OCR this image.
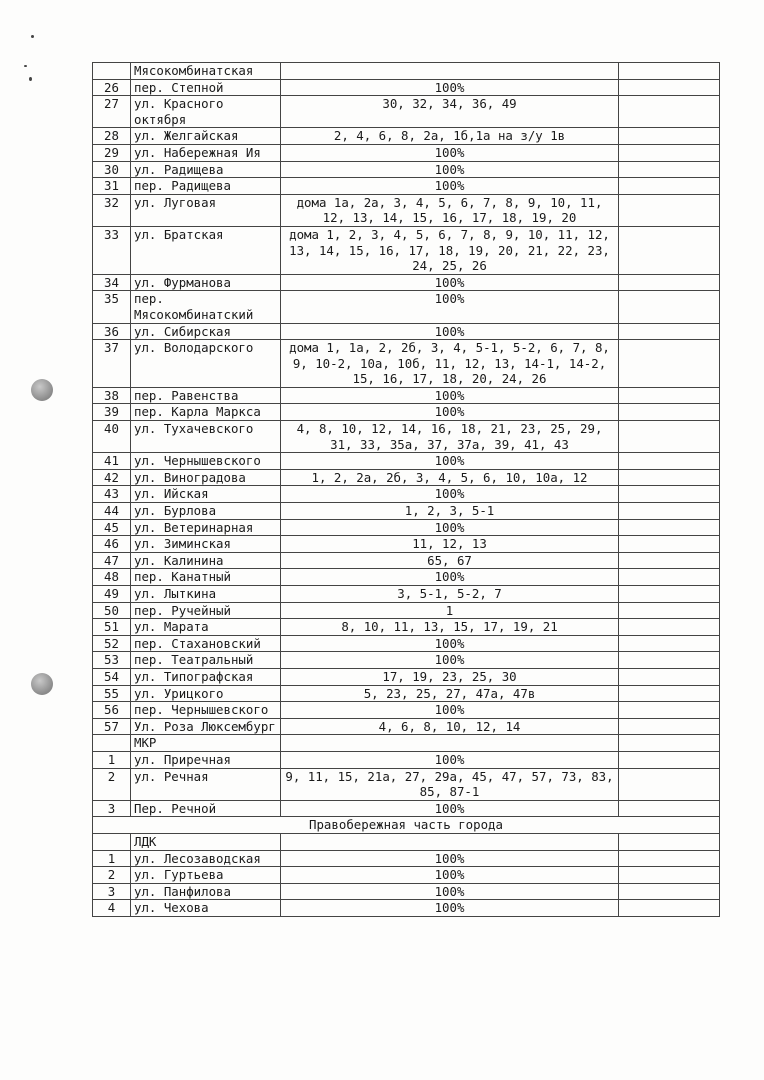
	Мясокомбинатская		
26	пер. Степной	100%	
27	ул. Красного октября	30, 32, 34, 36, 49	
28	ул. Желгайская	2, 4, 6, 8, 2а, 1б,1а на з/у 1в	
29	ул. Набережная Ия	100%	
30	ул. Радищева	100%	
31	пер. Радищева	100%	
32	ул. Луговая	дома 1а, 2а, 3, 4, 5, 6, 7, 8, 9, 10, 11, 12, 13, 14, 15, 16, 17, 18, 19, 20	
33	ул. Братская	дома 1, 2, 3, 4, 5, 6, 7, 8, 9, 10, 11, 12, 13, 14, 15, 16, 17, 18, 19, 20, 21, 22, 23, 24, 25, 26	
34	ул. Фурманова	100%	
35	пер. Мясокомбинатский	100%	
36	ул. Сибирская	100%	
37	ул. Володарского	дома 1, 1а, 2, 2б, 3, 4, 5-1, 5-2, 6, 7, 8, 9, 10-2, 10а, 10б, 11, 12, 13, 14-1, 14-2, 15, 16, 17, 18, 20, 24, 26	
38	пер. Равенства	100%	
39	пер. Карла Маркса	100%	
40	ул. Тухачевского	4, 8, 10, 12, 14, 16, 18, 21, 23, 25, 29, 31, 33, 35а, 37, 37а, 39, 41, 43	
41	ул. Чернышевского	100%	
42	ул. Виноградова	1, 2, 2а, 2б, 3, 4, 5, 6, 10, 10а, 12	
43	ул. Ийская	100%	
44	ул. Бурлова	1, 2, 3, 5-1	
45	ул. Ветеринарная	100%	
46	ул. Зиминская	11, 12, 13	
47	ул. Калинина	65, 67	
48	пер. Канатный	100%	
49	ул. Лыткина	3, 5-1, 5-2, 7	
50	пер. Ручейный	1	
51	ул. Марата	8, 10, 11, 13, 15, 17, 19, 21	
52	пер. Стахановский	100%	
53	пер. Театральный	100%	
54	ул. Типографская	17, 19, 23, 25, 30	
55	ул. Урицкого	5, 23, 25, 27, 47а, 47в	
56	пер. Чернышевского	100%	
57	Ул. Роза Люксембург	4, 6, 8, 10, 12, 14	
	МКР		
1	ул. Приречная	100%	
2	ул. Речная	9, 11, 15, 21а, 27, 29а, 45, 47, 57, 73, 83, 85, 87-1	
3	Пер. Речной	100%	
Правобережная часть города			
	ЛДК		
1	ул. Лесозаводская	100%	
2	ул. Гуртьева	100%	
3	ул. Панфилова	100%	
4	ул. Чехова	100%	
